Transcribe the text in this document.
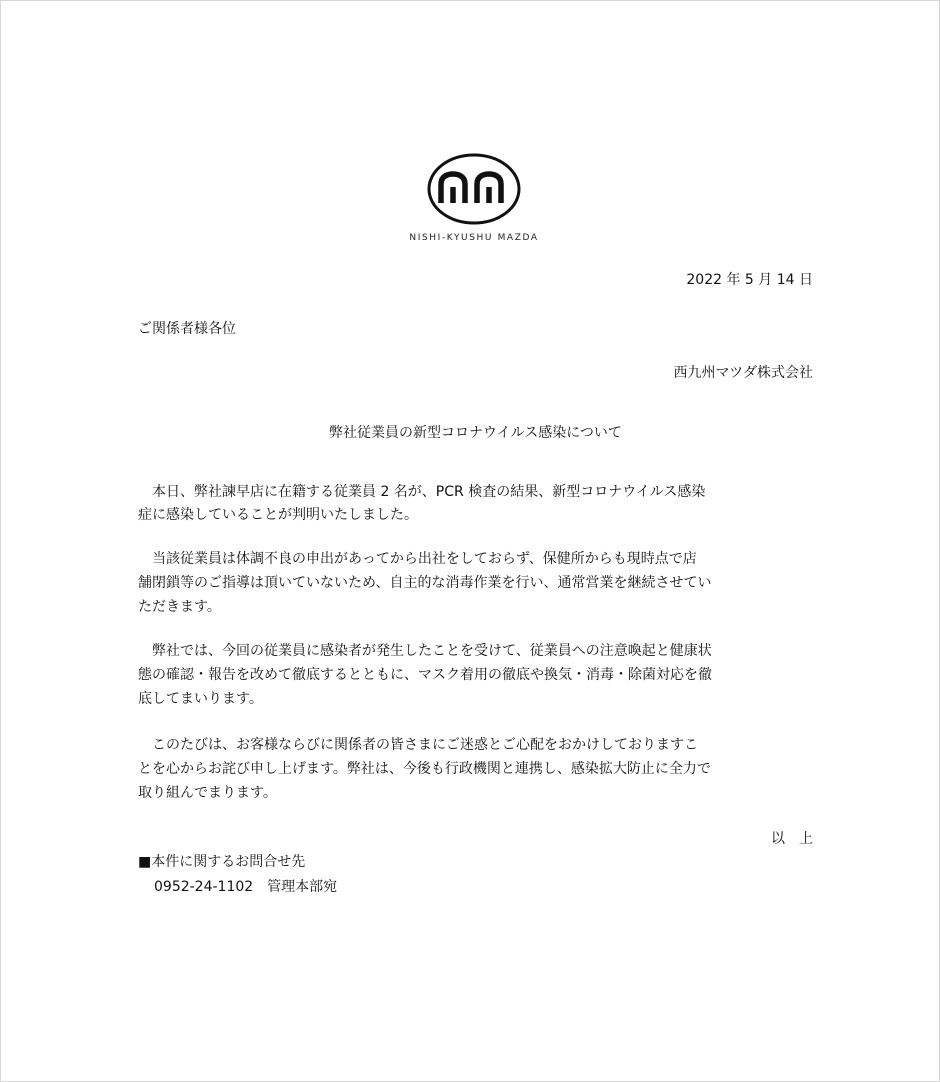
NISHI-KYUSHU MAZDA
2022 年 5 月 14 日
ご関係者様各位
西九州マツダ株式会社
弊社従業員の新型コロナウイルス感染について
　本日、弊社諫早店に在籍する従業員 2 名が、PCR 検査の結果、新型コロナウイルス感染
症に感染していることが判明いたしました。
　当該従業員は体調不良の申出があってから出社をしておらず、保健所からも現時点で店
舗閉鎖等のご指導は頂いていないため、自主的な消毒作業を行い、通常営業を継続させてい
ただきます。
　弊社では、今回の従業員に感染者が発生したことを受けて、従業員への注意喚起と健康状
態の確認・報告を改めて徹底するとともに、マスク着用の徹底や換気・消毒・除菌対応を徹
底してまいります。
　このたびは、お客様ならびに関係者の皆さまにご迷惑とご心配をおかけしておりますこ
とを心からお詫び申し上げます。弊社は、今後も行政機関と連携し、感染拡大防止に全力で
取り組んでまります。
以　上
■本件に関するお問合せ先
0952-24-1102　管理本部宛
